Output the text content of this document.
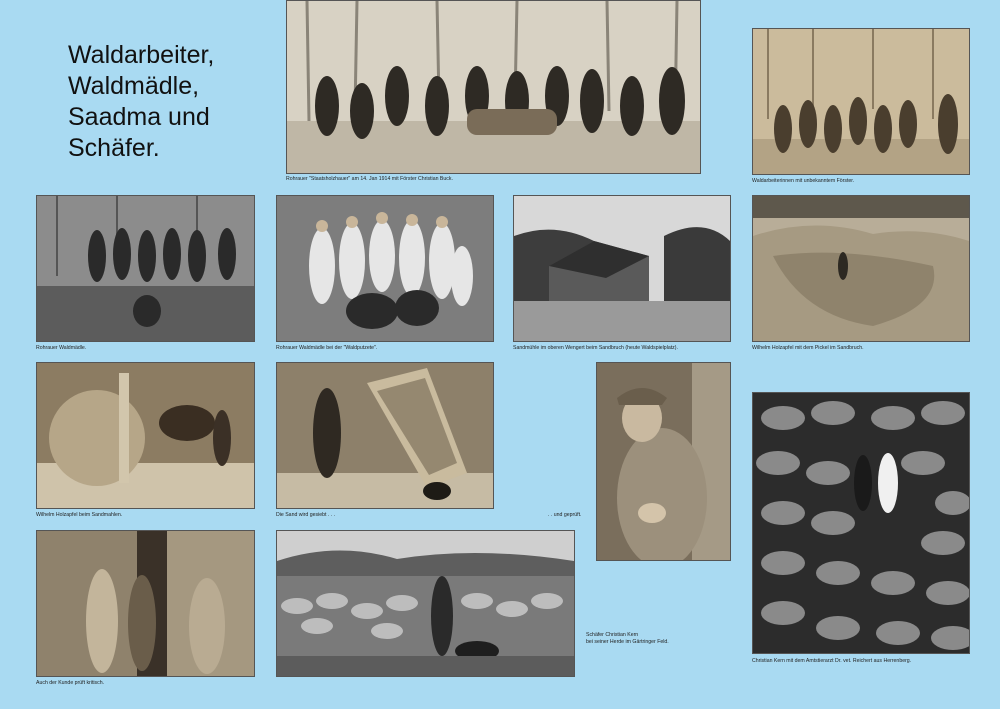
Waldarbeiter,
Waldmädle,
Saadma und
Schäfer.
Rohrauer "Staatsholzhauer" am 14. Jan 1914 mit Förster Christian Buck.	Waldarbeiterinnen mit unbekanntem Förster.
Rohrauer Waldmädle.	Rohrauer Waldmädle bei der "Waldputzete".	Sandmühle im oberen Wengert beim Sandbruch (heute Waldspielplatz).	Wilhelm Holzapfel mit dem Pickel im Sandbruch.
Wilhelm Holzapfel beim Sandmahlen.	Die Sand wird gesiebt . . .	. . und geprüft.
Christian Kern mit dem Amtstierarzt Dr. vet. Reichert aus Herrenberg.
Auch der Kunde prüft kritisch.
Schäfer Christian Kern
bei seiner Herde im Gärtringer Feld.
